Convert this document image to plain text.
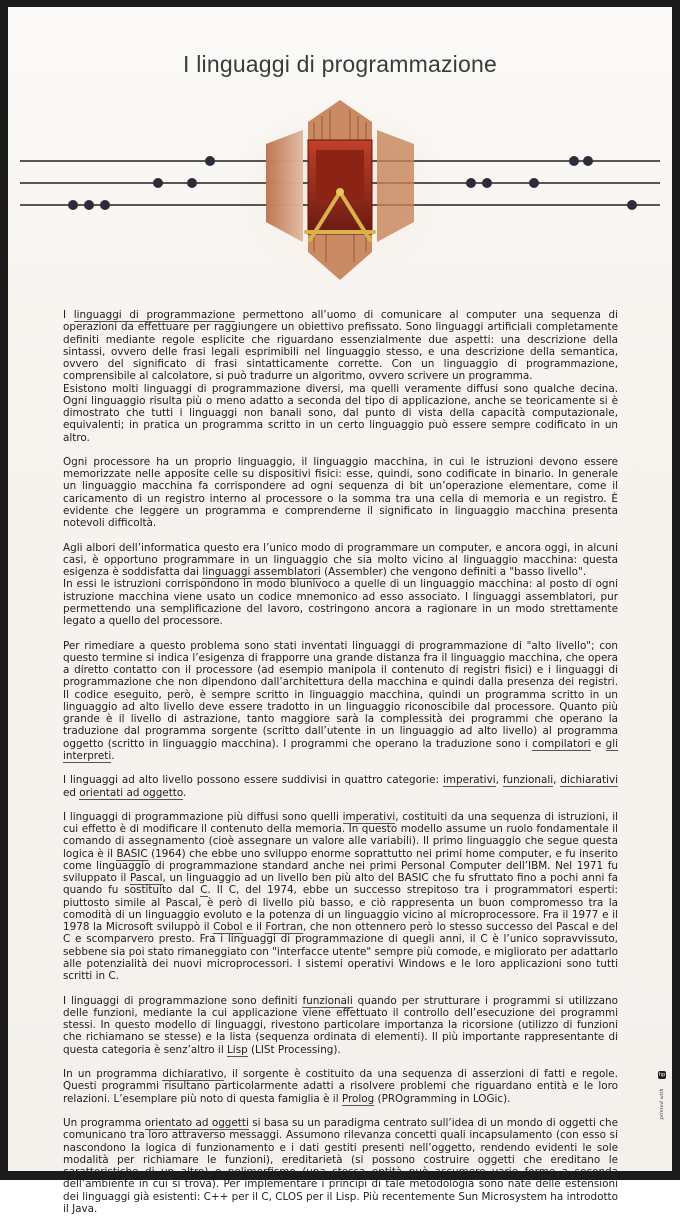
I linguaggi di programmazione

I linguaggi di programmazione permettono all’uomo di comunicare al computer una sequenza di operazioni da effettuare per raggiungere un obiettivo prefissato. Sono linguaggi artificiali completamente definiti mediante regole esplicite che riguardano essenzialmente due aspetti: una descrizione della sintassi, ovvero delle frasi legali esprimibili nel linguaggio stesso, e una descrizione della semantica, ovvero del significato di frasi sintatticamente corrette. Con un linguaggio di programmazione, comprensibile al calcolatore, si può tradurre un algoritmo, ovvero scrivere un programma.
Esistono molti linguaggi di programmazione diversi, ma quelli veramente diffusi sono qualche decina. Ogni linguaggio risulta più o meno adatto a seconda del tipo di applicazione, anche se teoricamente si è dimostrato che tutti i linguaggi non banali sono, dal punto di vista della capacità computazionale, equivalenti; in pratica un programma scritto in un certo linguaggio può essere sempre codificato in un altro.

Ogni processore ha un proprio linguaggio, il linguaggio macchina, in cui le istruzioni devono essere memorizzate nelle apposite celle su dispositivi fisici: esse, quindi, sono codificate in binario. In generale un linguaggio macchina fa corrispondere ad ogni sequenza di bit un’operazione elementare, come il caricamento di un registro interno al processore o la somma tra una cella di memoria e un registro. È evidente che leggere un programma e comprenderne il significato in linguaggio macchina presenta notevoli difficoltà.

Agli albori dell’informatica questo era l’unico modo di programmare un computer, e ancora oggi, in alcuni casi, è opportuno programmare in un linguaggio che sia molto vicino al linguaggio macchina: questa esigenza è soddisfatta dai linguaggi assemblatori (Assembler) che vengono definiti a "basso livello".
In essi le istruzioni corrispondono in modo biunivoco a quelle di un linguaggio macchina: al posto di ogni istruzione macchina viene usato un codice mnemonico ad esso associato. I linguaggi assemblatori, pur permettendo una semplificazione del lavoro, costringono ancora a ragionare in un modo strettamente legato a quello del processore.

Per rimediare a questo problema sono stati inventati linguaggi di programmazione di "alto livello"; con questo termine si indica l’esigenza di frapporre una grande distanza fra il linguaggio macchina, che opera a diretto contatto con il processore (ad esempio manipola il contenuto di registri fisici) e i linguaggi di programmazione che non dipendono dall’architettura della macchina e quindi dalla presenza dei registri. Il codice eseguito, però, è sempre scritto in linguaggio macchina, quindi un programma scritto in un linguaggio ad alto livello deve essere tradotto in un linguaggio riconoscibile dal processore. Quanto più grande è il livello di astrazione, tanto maggiore sarà la complessità dei programmi che operano la traduzione dal programma sorgente (scritto dall’utente in un linguaggio ad alto livello) al programma oggetto (scritto in linguaggio macchina). I programmi che operano la traduzione sono i compilatori e gli interpreti.

I linguaggi ad alto livello possono essere suddivisi in quattro categorie: imperativi, funzionali, dichiarativi ed orientati ad oggetto.

I linguaggi di programmazione più diffusi sono quelli imperativi, costituiti da una sequenza di istruzioni, il cui effetto è di modificare il contenuto della memoria. In questo modello assume un ruolo fondamentale il comando di assegnamento (cioè assegnare un valore alle variabili). Il primo linguaggio che segue questa logica è il BASIC (1964) che ebbe uno sviluppo enorme soprattutto nei primi home computer, e fu inserito come linguaggio di programmazione standard anche nei primi Personal Computer dell’IBM. Nel 1971 fu sviluppato il Pascal, un linguaggio ad un livello ben più alto del BASIC che fu sfruttato fino a pochi anni fa quando fu sostituito dal C. Il C, del 1974, ebbe un successo strepitoso tra i programmatori esperti: piuttosto simile al Pascal, è però di livello più basso, e ciò rappresenta un buon compromesso tra la comodità di un linguaggio evoluto e la potenza di un linguaggio vicino al microprocessore. Fra il 1977 e il 1978 la Microsoft sviluppò il Cobol e il Fortran, che non ottennero però lo stesso successo del Pascal e del C e scomparvero presto. Fra i linguaggi di programmazione di quegli anni, il C è l’unico sopravvissuto, sebbene sia poi stato rimaneggiato con "interfacce utente" sempre più comode, e migliorato per adattarlo alle potenzialità dei nuovi microprocessori. I sistemi operativi Windows e le loro applicazioni sono tutti scritti in C.

I linguaggi di programmazione sono definiti funzionali quando per strutturare i programmi si utilizzano delle funzioni, mediante la cui applicazione viene effettuato il controllo dell’esecuzione dei programmi stessi. In questo modello di linguaggi, rivestono particolare importanza la ricorsione (utilizzo di funzioni che richiamano se stesse) e la lista (sequenza ordinata di elementi). Il più importante rappresentante di questa categoria è senz’altro il Lisp (LISt Processing).

In un programma dichiarativo, il sorgente è costituito da una sequenza di asserzioni di fatti e regole. Questi programmi risultano particolarmente adatti a risolvere problemi che riguardano entità e le loro relazioni. L’esemplare più noto di questa famiglia è il Prolog (PROgramming in LOGic).

Un programma orientato ad oggetti si basa su un paradigma centrato sull’idea di un mondo di oggetti che comunicano tra loro attraverso messaggi. Assumono rilevanza concetti quali incapsulamento (con esso si nascondono la logica di funzionamento e i dati gestiti presenti nell’oggetto, rendendo evidenti le sole modalità per richiamare le funzioni), ereditarietà (si possono costruire oggetti che ereditano le caratteristiche di un altro) e polimorfismo (una stessa entità può assumere varie forme a seconda dell’ambiente in cui si trova). Per implementare i principi di tale metodologia sono nate delle estensioni dei linguaggi già esistenti: C++ per il C, CLOS per il Lisp. Più recentemente Sun Microsystem ha introdotto il Java.

hp
printed with
